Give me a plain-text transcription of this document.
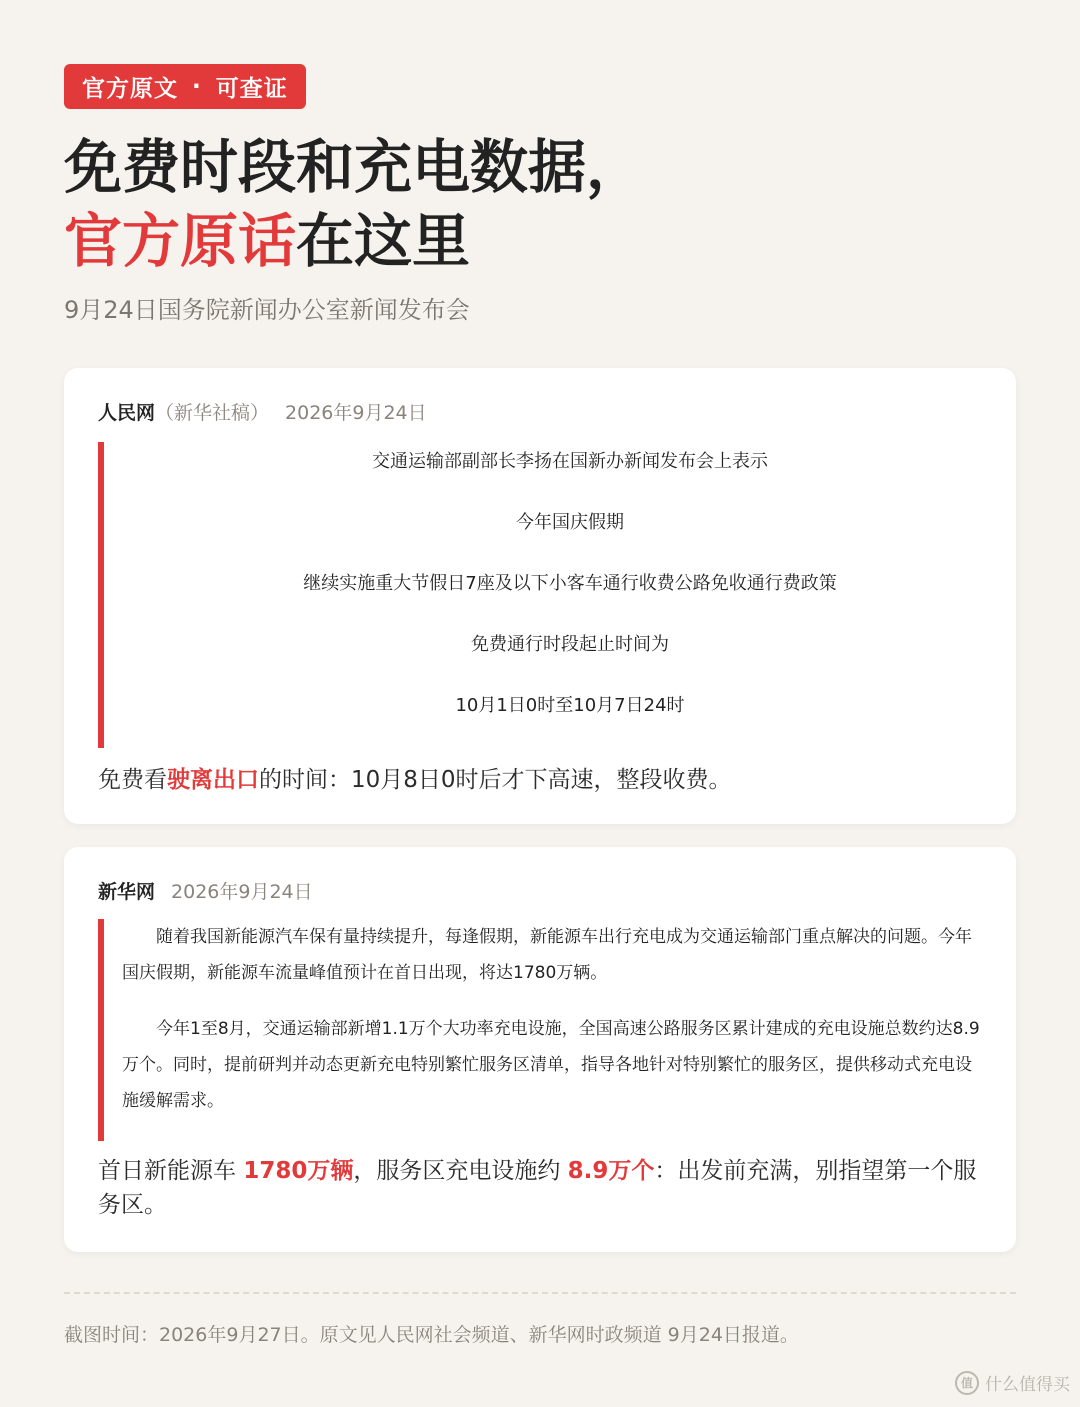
官方原文 · 可查证
免费时段和充电数据，
官方原话在这里
9月24日国务院新闻办公室新闻发布会
人民网（新华社稿） 2026年9月24日
交通运输部副部长李扬在国新办新闻发布会上表示
今年国庆假期
继续实施重大节假日7座及以下小客车通行收费公路免收通行费政策
免费通行时段起止时间为
10月1日0时至10月7日24时
免费看驶离出口的时间：10月8日0时后才下高速，整段收费。
新华网 2026年9月24日

随着我国新能源汽车保有量持续提升，每逢假期，新能源车出行充电成为交通运输部门重点解决的问题。今年国庆假期，新能源车流量峰值预计在首日出现，将达1780万辆。

今年1至8月，交通运输部新增1.1万个大功率充电设施，全国高速公路服务区累计建成的充电设施总数约达8.9万个。同时，提前研判并动态更新充电特别繁忙服务区清单，指导各地针对特别繁忙的服务区，提供移动式充电设施缓解需求。

首日新能源车 1780万辆，服务区充电设施约 8.9万个：出发前充满，别指望第一个服务区。
截图时间：2026年9月27日。原文见人民网社会频道、新华网时政频道 9月24日报道。
值 什么值得买
